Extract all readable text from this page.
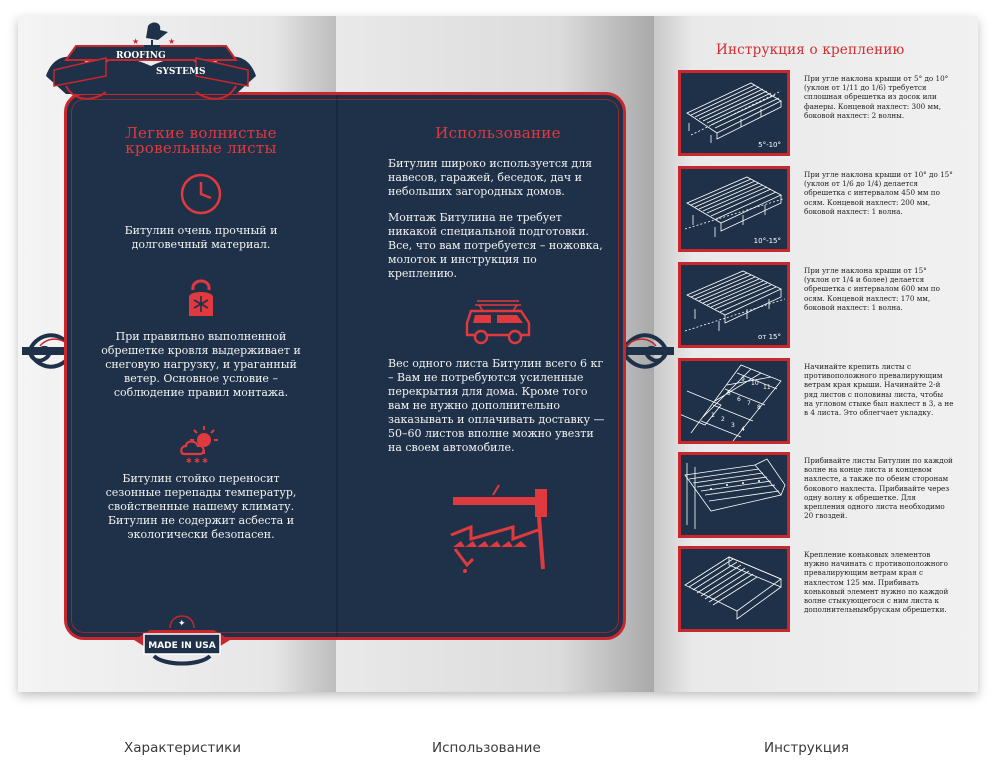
Инструкция о креплению
5°-10°
При угле наклона крыши от 5° до 10° (уклон от 1/11 до 1/6) требуется сплошная обрешетка из досок или фанеры. Концевой нахлест: 300 мм, боковой нахлест: 2 волны.
10°-15°
При угле наклона крыши от 10° до 15° (уклон от 1/6 до 1/4) делается обрешетка с интервалом 450 мм по осям. Концевой нахлест: 200 мм, боковой нахлест: 1 волна.
от 15°
При угле наклона крыши от 15° (уклон от 1/4 и более) делается обрешетка с интервалом 600 мм по осям. Концевой нахлест: 170 мм, боковой нахлест: 1 волна.
9
10
11
5
6
7
8
1
2
3
4
Начинайте крепить листы с противоположного превалирующим ветрам края крыши. Начинайте 2-й ряд листов с половины листа, чтобы на угловом стыке был нахлест в 3, а не в 4 листа. Это облегчает укладку.
Прибивайте листы Битулин по каждой волне на конце листа и концевом нахлесте, а также по обеим сторонам бокового нахлеста. Прибивайте через одну волну к обрешетке. Для крепления одного листа необходимо 20 гвоздей.
Крепление коньковых элементов нужно начинать с противоположного превалирующим ветрам края с нахлестом 125 мм. Прибивать коньковый элемент нужно по каждой волне стыкующегося с ним листа к дополнительнымбрускам обрешетки.
ROOFING
SYSTEMS
★	★
Легкие волнистые кровельные листы
Битулин очень прочный и долговечный материал.
При правильно выполненной обрешетке кровля выдерживает и снеговую нагрузку, и ураганный ветер. Основное условие – соблюдение правил монтажа.
✱ ✱ ✱
Битулин стойко переносит сезонные перепады температур, свойственные нашему климату. Битулин не содержит асбеста и экологически безопасен.
MADE IN USA
✦
★	★
Использование
Битулин широко используется для навесов, гаражей, беседок, дач и небольших загородных домов.
Монтаж Битулина не требует никакой специальной подготовки. Все, что вам потребуется – ножовка, молоток и инструкция по креплению.
Вес одного листа Битулин всего 6 кг – Вам не потребуются усиленные перекрытия для дома. Кроме того вам не нужно дополнительно заказывать и оплачивать доставку — 50–60 листов вполне можно увезти на своем автомобиле.
Характеристики	Использование	Инструкция
